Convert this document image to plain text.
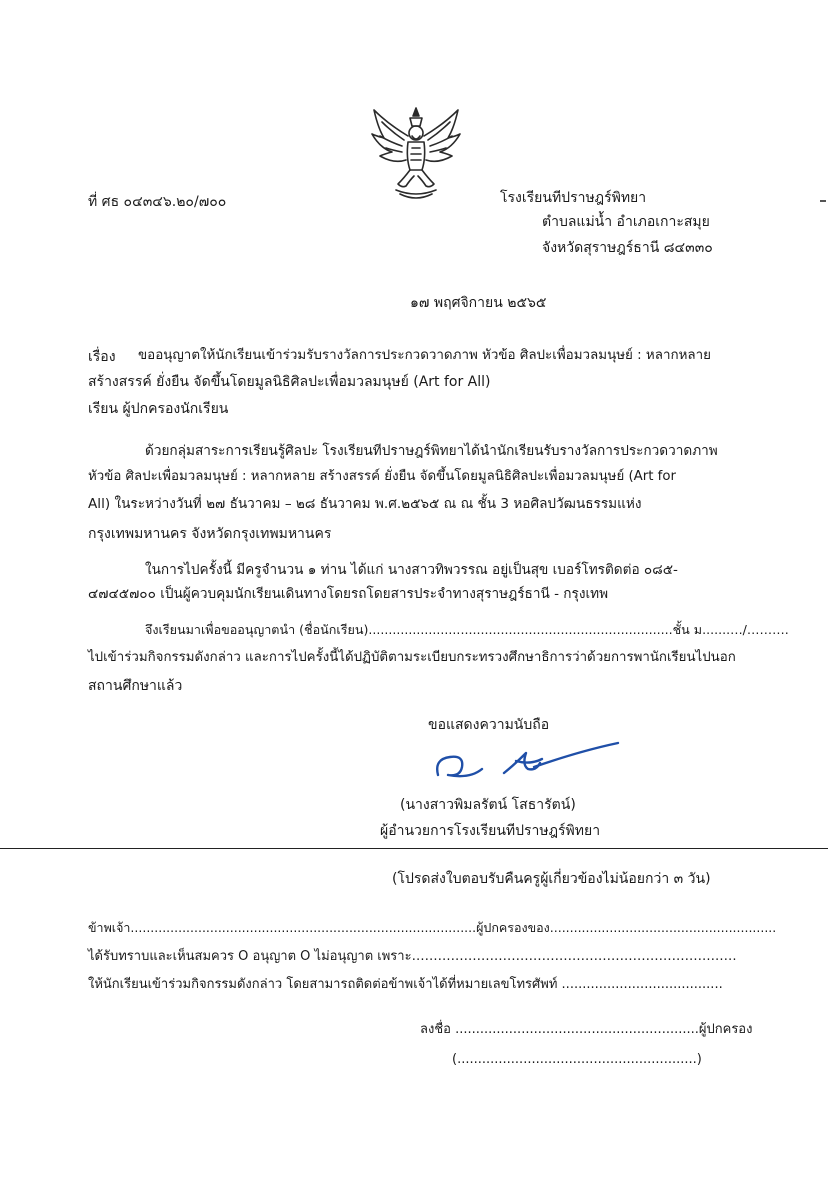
ที่ ศธ ๐๔๓๔๖.๒๐/๗๐๐	โรงเรียนทีปราษฎร์พิทยา
ตำบลแม่น้ำ อำเภอเกาะสมุย
จังหวัดสุราษฎร์ธานี ๘๔๓๓๐
๑๗ พฤศจิกายน ๒๕๖๕
เรื่อง ขออนุญาตให้นักเรียนเข้าร่วมรับรางวัลการประกวดวาดภาพ หัวข้อ ศิลปะเพื่อมวลมนุษย์ : หลากหลาย
สร้างสรรค์ ยั่งยืน จัดขึ้นโดยมูลนิธิศิลปะเพื่อมวลมนุษย์ (Art for All)
เรียน ผู้ปกครองนักเรียน
ด้วยกลุ่มสาระการเรียนรู้ศิลปะ โรงเรียนทีปราษฎร์พิทยาได้นำนักเรียนรับรางวัลการประกวดวาดภาพ
หัวข้อ ศิลปะเพื่อมวลมนุษย์ : หลากหลาย สร้างสรรค์ ยั่งยืน จัดขึ้นโดยมูลนิธิศิลปะเพื่อมวลมนุษย์ (Art for
All) ในระหว่างวันที่ ๒๗ ธันวาคม – ๒๘ ธันวาคม พ.ศ.๒๕๖๕ ณ ณ ชั้น 3 หอศิลปวัฒนธรรมแห่ง
กรุงเทพมหานคร จังหวัดกรุงเทพมหานคร
ในการไปครั้งนี้ มีครูจำนวน ๑ ท่าน ได้แก่ นางสาวทิพวรรณ อยู่เป็นสุข เบอร์โทรติดต่อ ๐๘๕-
๔๗๔๕๗๐๐ เป็นผู้ควบคุมนักเรียนเดินทางโดยรถโดยสารประจำทางสุราษฎร์ธานี - กรุงเทพ
จึงเรียนมาเพื่อขออนุญาตนำ (ชื่อนักเรียน)............................................................................ชั้น ม.......…/……….
ไปเข้าร่วมกิจกรรมดังกล่าว และการไปครั้งนี้ได้ปฏิบัติตามระเบียบกระทรวงศึกษาธิการว่าด้วยการพานักเรียนไปนอก
สถานศึกษาแล้ว
ขอแสดงความนับถือ
(นางสาวพิมลรัตน์ โสธารัตน์)
ผู้อำนวยการโรงเรียนทีปราษฎร์พิทยา
(โปรดส่งใบตอบรับคืนครูผู้เกี่ยวข้องไม่น้อยกว่า ๓ วัน)
ข้าพเจ้า.......................................................................................ผู้ปกครองของ.........................................................
ได้รับทราบและเห็นสมควร O อนุญาต O ไม่อนุญาต เพราะ…………………………………………………………………
ให้นักเรียนเข้าร่วมกิจกรรมดังกล่าว โดยสามารถติดต่อข้าพเจ้าได้ที่หมายเลขโทรศัพท์ .......................................
ลงชื่อ ...........................................................ผู้ปกครอง
(..........................................................)
